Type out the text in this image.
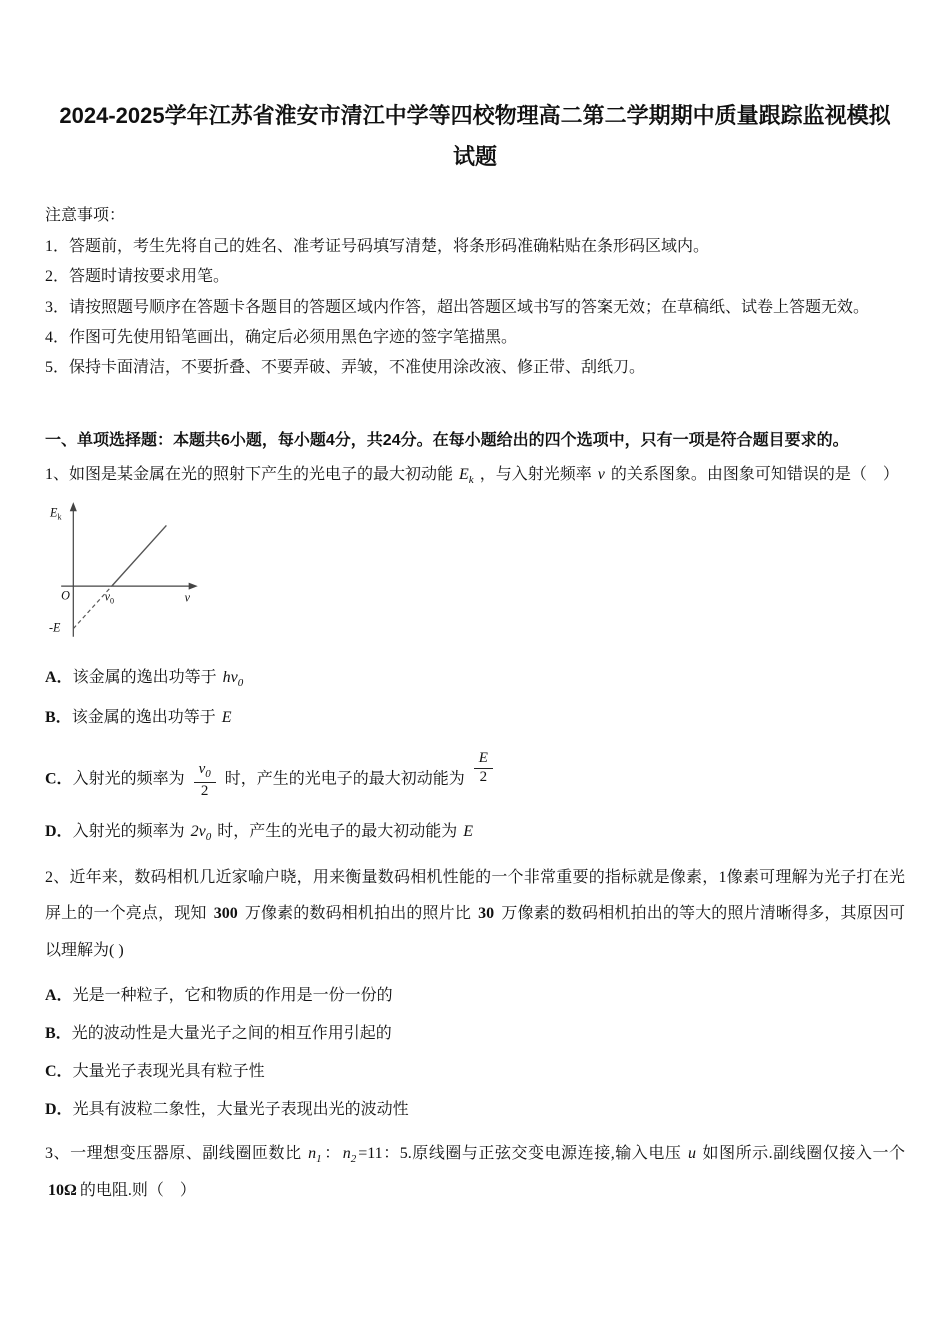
2024-2025学年江苏省淮安市清江中学等四校物理高二第二学期期中质量跟踪监视模拟试题
注意事项：
1．答题前，考生先将自己的姓名、准考证号码填写清楚，将条形码准确粘贴在条形码区域内。
2．答题时请按要求用笔。
3．请按照题号顺序在答题卡各题目的答题区域内作答，超出答题区域书写的答案无效；在草稿纸、试卷上答题无效。
4．作图可先使用铅笔画出，确定后必须用黑色字迹的签字笔描黑。
5．保持卡面清洁，不要折叠、不要弄破、弄皱，不准使用涂改液、修正带、刮纸刀。
一、单项选择题：本题共6小题，每小题4分，共24分。在每小题给出的四个选项中，只有一项是符合题目要求的。

1、如图是某金属在光的照射下产生的光电子的最大初动能 $E_k$ ，与入射光频率 ν 的关系图象。由图象可知错误的是（　）

$E_k$
O	$\nu_0$	ν
-E
A．该金属的逸出功等于 $h\nu_0$
B．该金属的逸出功等于 E
C．入射光的频率为 $\frac{\nu_0}{2}$ 时，产生的光电子的最大初动能为 $\frac{E}{2}$
D．入射光的频率为 $2\nu_0$ 时，产生的光电子的最大初动能为 E

2、近年来，数码相机几近家喻户晓，用来衡量数码相机性能的一个非常重要的指标就是像素，1像素可理解为光子打在光屏上的一个亮点，现知 300 万像素的数码相机拍出的照片比 30 万像素的数码相机拍出的等大的照片清晰得多，其原因可以理解为( )

A．光是一种粒子，它和物质的作用是一份一份的
B．光的波动性是大量光子之间的相互作用引起的
C．大量光子表现光具有粒子性
D．光具有波粒二象性，大量光子表现出光的波动性

3、一理想变压器原、副线圈匝数比 $n_1$ ： $n_2 =11$：5.原线圈与正弦交变电源连接,输入电压 u 如图所示.副线圈仅接入一个10Ω 的电阻.则（　）
